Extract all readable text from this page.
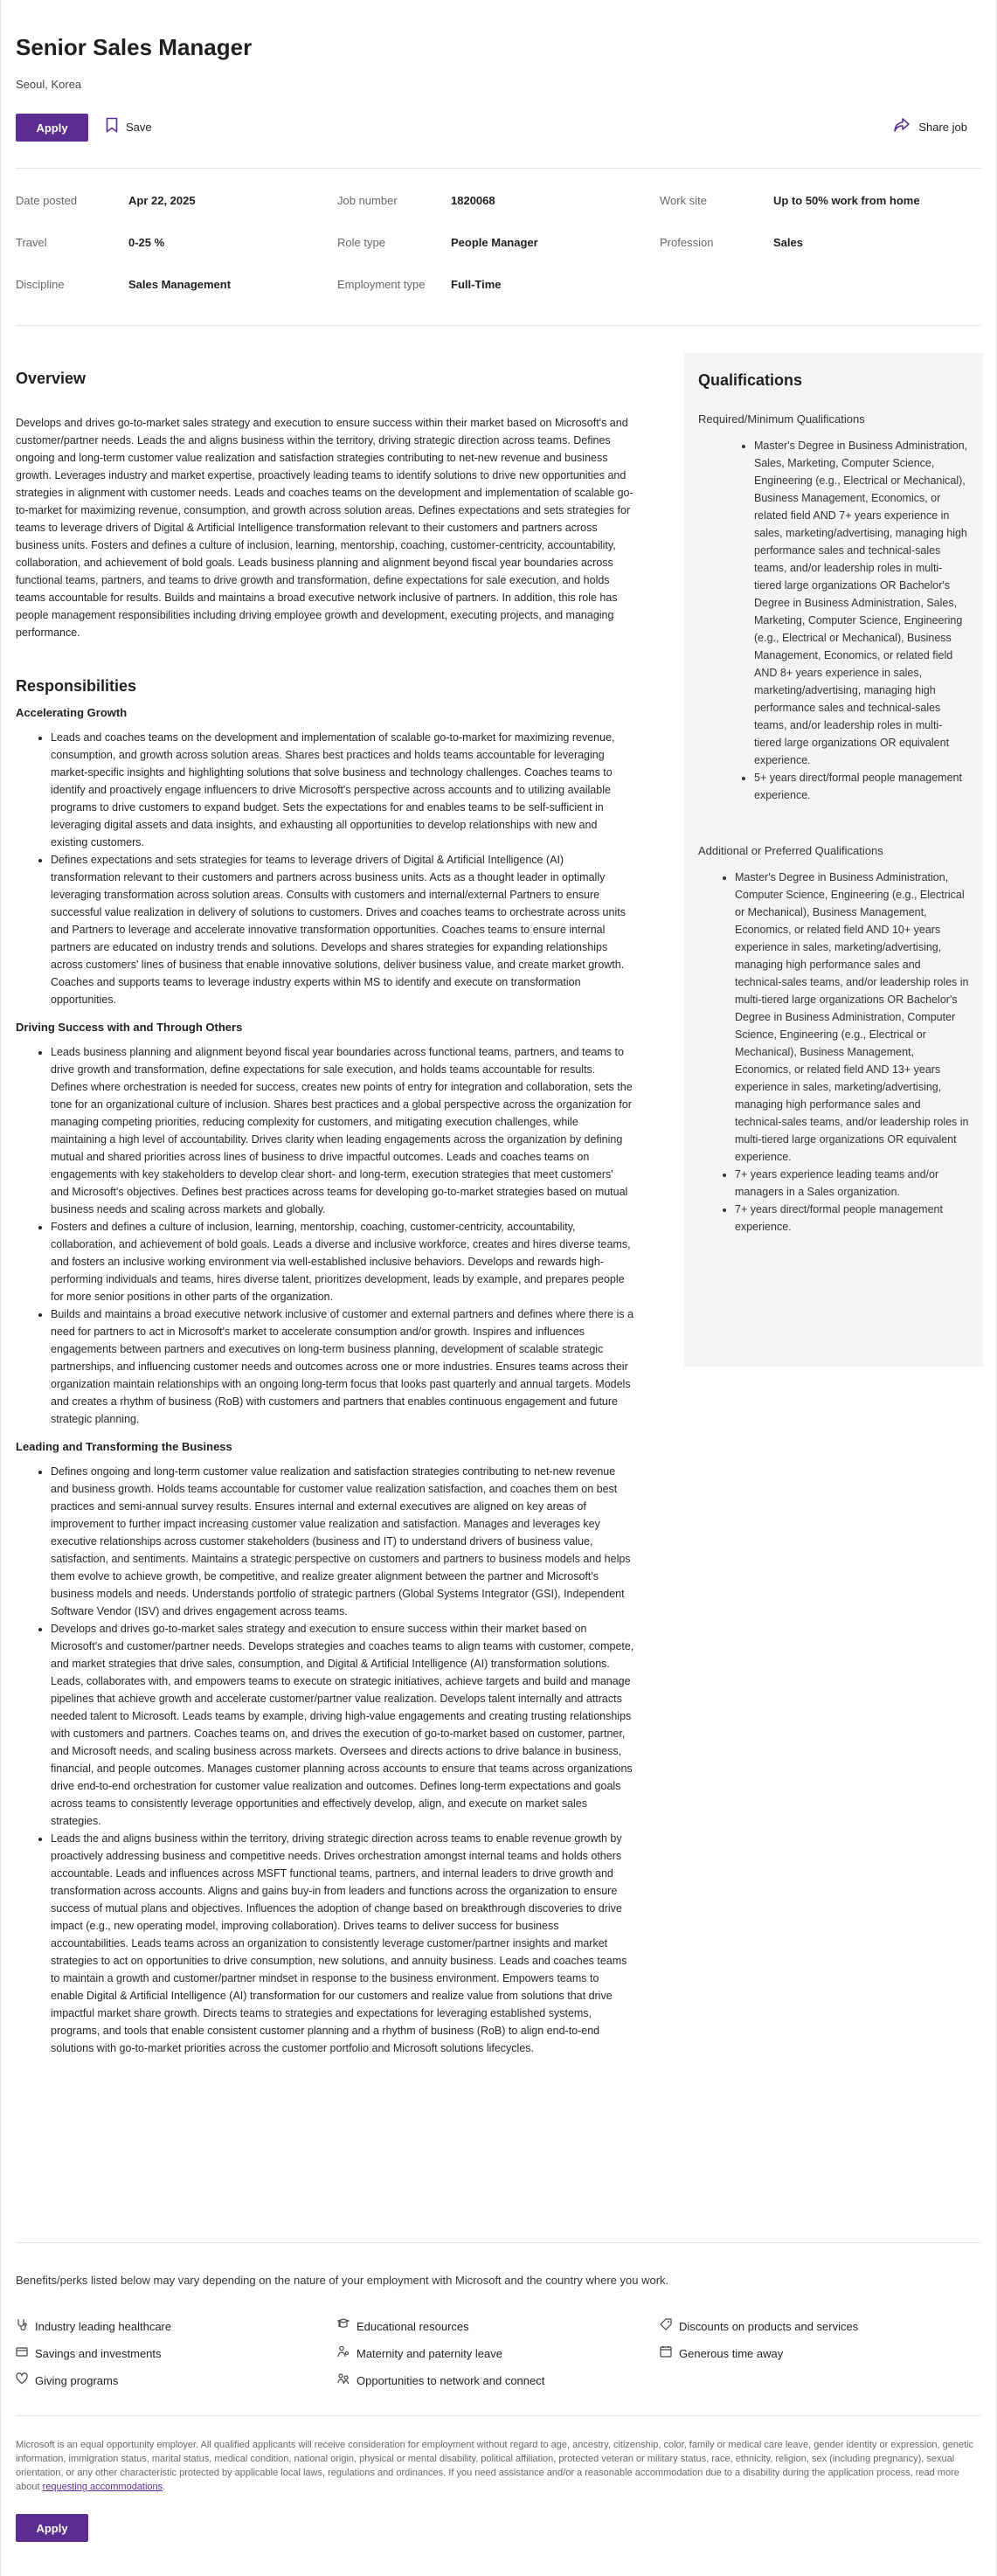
Senior Sales Manager
Seoul, Korea
Apply	Save	Share job
Date posted	Apr 22, 2025	Job number	1820068	Work site	Up to 50% work from home
Travel	0-25 %	Role type	People Manager	Profession	Sales
Discipline	Sales Management	Employment type Full-Time
Overview

Develops and drives go-to-market sales strategy and execution to ensure success within their market based on Microsoft's and customer/partner needs. Leads the and aligns business within the territory, driving strategic direction across teams. Defines ongoing and long-term customer value realization and satisfaction strategies contributing to net-new revenue and business growth. Leverages industry and market expertise, proactively leading teams to identify solutions to drive new opportunities and strategies in alignment with customer needs. Leads and coaches teams on the development and implementation of scalable go-to-market for maximizing revenue, consumption, and growth across solution areas. Defines expectations and sets strategies for teams to leverage drivers of Digital & Artificial Intelligence transformation relevant to their customers and partners across business units. Fosters and defines a culture of inclusion, learning, mentorship, coaching, customer-centricity, accountability, collaboration, and achievement of bold goals. Leads business planning and alignment beyond fiscal year boundaries across functional teams, partners, and teams to drive growth and transformation, define expectations for sale execution, and holds teams accountable for results. Builds and maintains a broad executive network inclusive of partners. In addition, this role has people management responsibilities including driving employee growth and development, executing projects, and managing performance.

Responsibilities
Accelerating Growth
• Leads and coaches teams on the development and implementation of scalable go-to-market for maximizing revenue, consumption, and growth across solution areas. Shares best practices and holds teams accountable for leveraging market-specific insights and highlighting solutions that solve business and technology challenges. Coaches teams to identify and proactively engage influencers to drive Microsoft's perspective across accounts and to utilizing available programs to drive customers to expand budget. Sets the expectations for and enables teams to be self-sufficient in leveraging digital assets and data insights, and exhausting all opportunities to develop relationships with new and existing customers.
• Defines expectations and sets strategies for teams to leverage drivers of Digital & Artificial Intelligence (AI) transformation relevant to their customers and partners across business units. Acts as a thought leader in optimally leveraging transformation across solution areas. Consults with customers and internal/external Partners to ensure successful value realization in delivery of solutions to customers. Drives and coaches teams to orchestrate across units and Partners to leverage and accelerate innovative transformation opportunities. Coaches teams to ensure internal partners are educated on industry trends and solutions. Develops and shares strategies for expanding relationships across customers' lines of business that enable innovative solutions, deliver business value, and create market growth. Coaches and supports teams to leverage industry experts within MS to identify and execute on transformation opportunities.
Driving Success with and Through Others
• Leads business planning and alignment beyond fiscal year boundaries across functional teams, partners, and teams to drive growth and transformation, define expectations for sale execution, and holds teams accountable for results. Defines where orchestration is needed for success, creates new points of entry for integration and collaboration, sets the tone for an organizational culture of inclusion. Shares best practices and a global perspective across the organization for managing competing priorities, reducing complexity for customers, and mitigating execution challenges, while maintaining a high level of accountability. Drives clarity when leading engagements across the organization by defining mutual and shared priorities across lines of business to drive impactful outcomes. Leads and coaches teams on engagements with key stakeholders to develop clear short- and long-term, execution strategies that meet customers' and Microsoft's objectives. Defines best practices across teams for developing go-to-market strategies based on mutual business needs and scaling across markets and globally.
• Fosters and defines a culture of inclusion, learning, mentorship, coaching, customer-centricity, accountability, collaboration, and achievement of bold goals. Leads a diverse and inclusive workforce, creates and hires diverse teams, and fosters an inclusive working environment via well-established inclusive behaviors. Develops and rewards high-performing individuals and teams, hires diverse talent, prioritizes development, leads by example, and prepares people for more senior positions in other parts of the organization.
• Builds and maintains a broad executive network inclusive of customer and external partners and defines where there is a need for partners to act in Microsoft's market to accelerate consumption and/or growth. Inspires and influences engagements between partners and executives on long-term business planning, development of scalable strategic partnerships, and influencing customer needs and outcomes across one or more industries. Ensures teams across their organization maintain relationships with an ongoing long-term focus that looks past quarterly and annual targets. Models and creates a rhythm of business (RoB) with customers and partners that enables continuous engagement and future strategic planning.
Leading and Transforming the Business
• Defines ongoing and long-term customer value realization and satisfaction strategies contributing to net-new revenue and business growth. Holds teams accountable for customer value realization satisfaction, and coaches them on best practices and semi-annual survey results. Ensures internal and external executives are aligned on key areas of improvement to further impact increasing customer value realization and satisfaction. Manages and leverages key executive relationships across customer stakeholders (business and IT) to understand drivers of business value, satisfaction, and sentiments. Maintains a strategic perspective on customers and partners to business models and helps them evolve to achieve growth, be competitive, and realize greater alignment between the partner and Microsoft's business models and needs. Understands portfolio of strategic partners (Global Systems Integrator (GSI), Independent Software Vendor (ISV) and drives engagement across teams.
• Develops and drives go-to-market sales strategy and execution to ensure success within their market based on Microsoft's and customer/partner needs. Develops strategies and coaches teams to align teams with customer, compete, and market strategies that drive sales, consumption, and Digital & Artificial Intelligence (AI) transformation solutions. Leads, collaborates with, and empowers teams to execute on strategic initiatives, achieve targets and build and manage pipelines that achieve growth and accelerate customer/partner value realization. Develops talent internally and attracts needed talent to Microsoft. Leads teams by example, driving high-value engagements and creating trusting relationships with customers and partners. Coaches teams on, and drives the execution of go-to-market based on customer, partner, and Microsoft needs, and scaling business across markets. Oversees and directs actions to drive balance in business, financial, and people outcomes. Manages customer planning across accounts to ensure that teams across organizations drive end-to-end orchestration for customer value realization and outcomes. Defines long-term expectations and goals across teams to consistently leverage opportunities and effectively develop, align, and execute on market sales strategies.
• Leads the and aligns business within the territory, driving strategic direction across teams to enable revenue growth by proactively addressing business and competitive needs. Drives orchestration amongst internal teams and holds others accountable. Leads and influences across MSFT functional teams, partners, and internal leaders to drive growth and transformation across accounts. Aligns and gains buy-in from leaders and functions across the organization to ensure success of mutual plans and objectives. Influences the adoption of change based on breakthrough discoveries to drive impact (e.g., new operating model, improving collaboration). Drives teams to deliver success for business accountabilities. Leads teams across an organization to consistently leverage customer/partner insights and market strategies to act on opportunities to drive consumption, new solutions, and annuity business. Leads and coaches teams to maintain a growth and customer/partner mindset in response to the business environment. Empowers teams to enable Digital & Artificial Intelligence (AI) transformation for our customers and realize value from solutions that drive impactful market share growth. Directs teams to strategies and expectations for leveraging established systems, programs, and tools that enable consistent customer planning and a rhythm of business (RoB) to align end-to-end solutions with go-to-market priorities across the customer portfolio and Microsoft solutions lifecycles.
Qualifications
Required/Minimum Qualifications
• Master's Degree in Business Administration, Sales, Marketing, Computer Science, Engineering (e.g., Electrical or Mechanical), Business Management, Economics, or related field AND 7+ years experience in sales, marketing/advertising, managing high performance sales and technical-sales teams, and/or leadership roles in multi-tiered large organizations OR Bachelor's Degree in Business Administration, Sales, Marketing, Computer Science, Engineering (e.g., Electrical or Mechanical), Business Management, Economics, or related field AND 8+ years experience in sales, marketing/advertising, managing high performance sales and technical-sales teams, and/or leadership roles in multi-tiered large organizations OR equivalent experience.
• 5+ years direct/formal people management experience.
Additional or Preferred Qualifications
• Master's Degree in Business Administration, Computer Science, Engineering (e.g., Electrical or Mechanical), Business Management, Economics, or related field AND 10+ years experience in sales, marketing/advertising, managing high performance sales and technical-sales teams, and/or leadership roles in multi-tiered large organizations OR Bachelor's Degree in Business Administration, Computer Science, Engineering (e.g., Electrical or Mechanical), Business Management, Economics, or related field AND 13+ years experience in sales, marketing/advertising, managing high performance sales and technical-sales teams, and/or leadership roles in multi-tiered large organizations OR equivalent experience.
• 7+ years experience leading teams and/or managers in a Sales organization.
• 7+ years direct/formal people management experience.
Benefits/perks listed below may vary depending on the nature of your employment with Microsoft and the country where you work.
Industry leading healthcare	Educational resources	Discounts on products and services
Savings and investments	Maternity and paternity leave	Generous time away
Giving programs	Opportunities to network and connect

Microsoft is an equal opportunity employer. All qualified applicants will receive consideration for employment without regard to age, ancestry, citizenship, color, family or medical care leave, gender identity or expression, genetic information, immigration status, marital status, medical condition, national origin, physical or mental disability, political affiliation, protected veteran or military status, race, ethnicity, religion, sex (including pregnancy), sexual orientation, or any other characteristic protected by applicable local laws, regulations and ordinances. If you need assistance and/or a reasonable accommodation due to a disability during the application process, read more about requesting accommodations.

Apply
